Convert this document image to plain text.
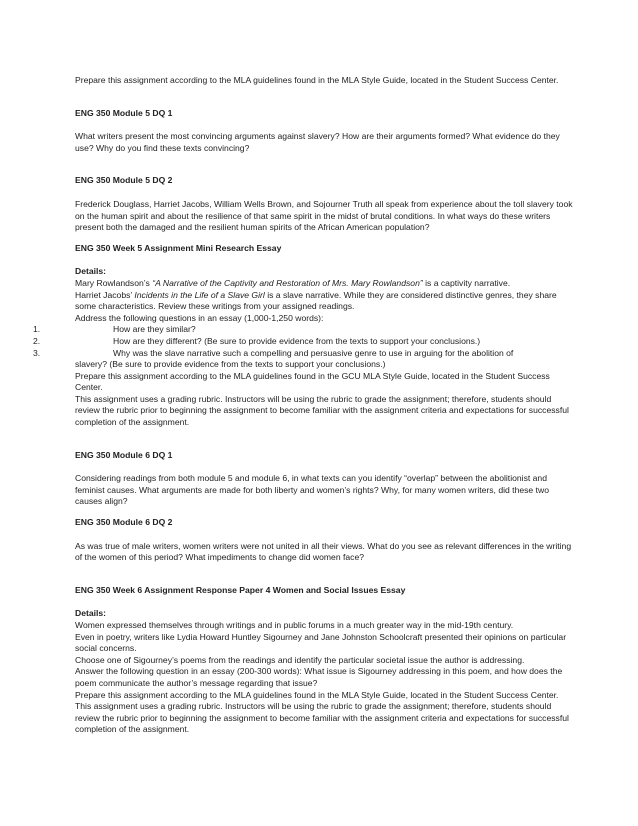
Prepare this assignment according to the MLA guidelines found in the MLA Style Guide, located in the Student Success Center.

ENG 350 Module 5 DQ 1

What writers present the most convincing arguments against slavery? How are their arguments formed? What evidence do they use? Why do you find these texts convincing?

ENG 350 Module 5 DQ 2

Frederick Douglass, Harriet Jacobs, William Wells Brown, and Sojourner Truth all speak from experience about the toll slavery took on the human spirit and about the resilience of that same spirit in the midst of brutal conditions. In what ways do these writers present both the damaged and the resilient human spirits of the African American population?

ENG 350 Week 5 Assignment Mini Research Essay

Details:

Mary Rowlandson’s “A Narrative of the Captivity and Restoration of Mrs. Mary Rowlandson” is a captivity narrative.

Harriet Jacobs’ Incidents in the Life of a Slave Girl is a slave narrative. While they are considered distinctive genres, they share some characteristics. Review these writings from your assigned readings.

Address the following questions in an essay (1,000-1,250 words):

1.	How are they similar?

2.	How are they different? (Be sure to provide evidence from the texts to support your conclusions.)

3.	Why was the slave narrative such a compelling and persuasive genre to use in arguing for the abolition of

slavery? (Be sure to provide evidence from the texts to support your conclusions.)

Prepare this assignment according to the MLA guidelines found in the GCU MLA Style Guide, located in the Student Success Center.

This assignment uses a grading rubric. Instructors will be using the rubric to grade the assignment; therefore, students should review the rubric prior to beginning the assignment to become familiar with the assignment criteria and expectations for successful completion of the assignment.

ENG 350 Module 6 DQ 1

Considering readings from both module 5 and module 6, in what texts can you identify “overlap” between the abolitionist and feminist causes. What arguments are made for both liberty and women’s rights? Why, for many women writers, did these two causes align?

ENG 350 Module 6 DQ 2

As was true of male writers, women writers were not united in all their views. What do you see as relevant differences in the writing of the women of this period? What impediments to change did women face?

ENG 350 Week 6 Assignment Response Paper 4 Women and Social Issues Essay

Details:

Women expressed themselves through writings and in public forums in a much greater way in the mid-19th century.

Even in poetry, writers like Lydia Howard Huntley Sigourney and Jane Johnston Schoolcraft presented their opinions on particular social concerns.

Choose one of Sigourney’s poems from the readings and identify the particular societal issue the author is addressing.

Answer the following question in an essay (200-300 words): What issue is Sigourney addressing in this poem, and how does the poem communicate the author’s message regarding that issue?

Prepare this assignment according to the MLA guidelines found in the MLA Style Guide, located in the Student Success Center.

This assignment uses a grading rubric. Instructors will be using the rubric to grade the assignment; therefore, students should review the rubric prior to beginning the assignment to become familiar with the assignment criteria and expectations for successful completion of the assignment.
